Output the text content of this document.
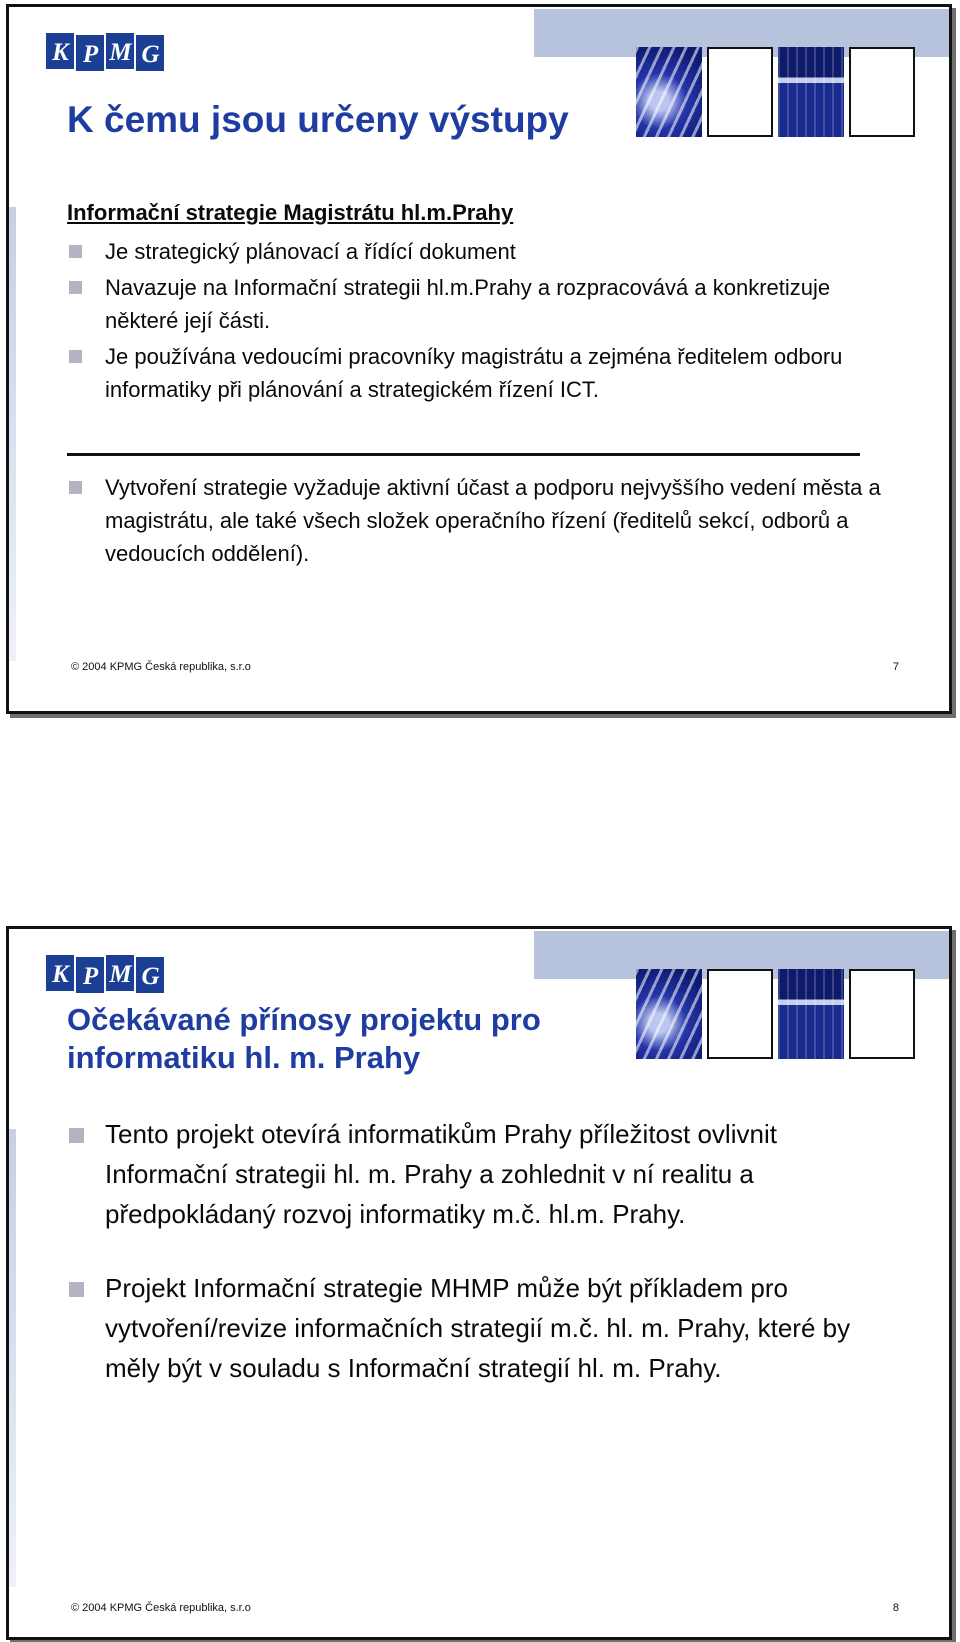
K P M G
K čemu jsou určeny výstupy
Informační strategie Magistrátu hl.m.Prahy
Je strategický plánovací a řídící dokument
Navazuje na Informační strategii hl.m.Prahy a rozpracovává a konkretizuje některé její části.
Je používána vedoucími pracovníky magistrátu a zejména ředitelem odboru informatiky při plánování a strategickém řízení ICT.
Vytvoření strategie vyžaduje aktivní účast a podporu nejvyššího vedení města a magistrátu, ale také všech složek operačního řízení (ředitelů sekcí, odborů a vedoucích oddělení).
© 2004 KPMG Česká republika, s.r.o	7
K P M G
Očekávané přínosy projektu pro informatiku hl. m. Prahy
Tento projekt otevírá informatikům Prahy příležitost ovlivnit Informační strategii hl. m. Prahy a zohlednit v ní realitu a předpokládaný rozvoj informatiky m.č. hl.m. Prahy.
Projekt Informační strategie MHMP může být příkladem pro vytvoření/revize informačních strategií m.č. hl. m. Prahy, které by měly být v souladu s Informační strategií hl. m. Prahy.
© 2004 KPMG Česká republika, s.r.o	8
